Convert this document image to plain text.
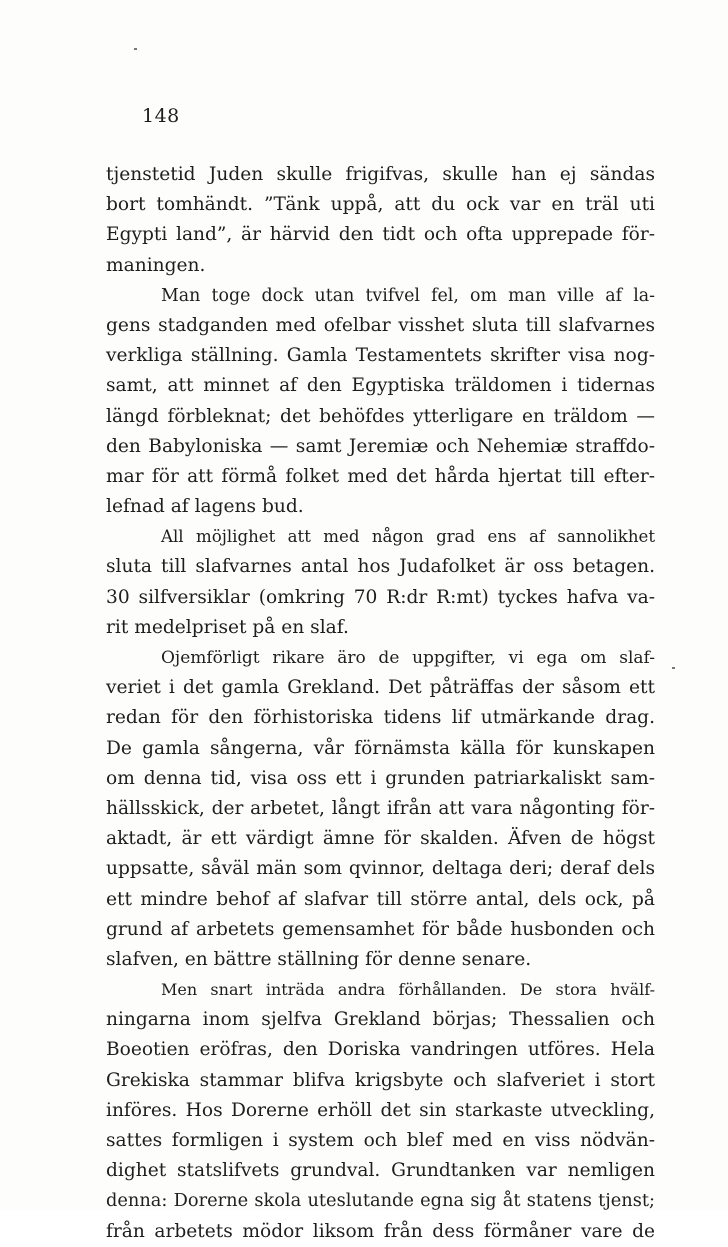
148
tjenstetid Juden skulle frigifvas, skulle han ej sändas
bort tomhändt. ”Tänk uppå, att du ock var en träl uti
Egypti land”, är härvid den tidt och ofta upprepade för-
maningen.
Man toge dock utan tvifvel fel, om man ville af la-
gens stadganden med ofelbar visshet sluta till slafvarnes
verkliga ställning. Gamla Testamentets skrifter visa nog-
samt, att minnet af den Egyptiska träldomen i tidernas
längd förbleknat; det behöfdes ytterligare en träldom —
den Babyloniska — samt Jeremiæ och Nehemiæ straffdo-
mar för att förmå folket med det hårda hjertat till efter-
lefnad af lagens bud.
All möjlighet att med någon grad ens af sannolikhet
sluta till slafvarnes antal hos Judafolket är oss betagen.
30 silfversiklar (omkring 70 R:dr R:mt) tyckes hafva va-
rit medelpriset på en slaf.
Ojemförligt rikare äro de uppgifter, vi ega om slaf-
veriet i det gamla Grekland. Det påträffas der såsom ett
redan för den förhistoriska tidens lif utmärkande drag.
De gamla sångerna, vår förnämsta källa för kunskapen
om denna tid, visa oss ett i grunden patriarkaliskt sam-
hällsskick, der arbetet, långt ifrån att vara någonting för-
aktadt, är ett värdigt ämne för skalden. Äfven de högst
uppsatte, såväl män som qvinnor, deltaga deri; deraf dels
ett mindre behof af slafvar till större antal, dels ock, på
grund af arbetets gemensamhet för både husbonden och
slafven, en bättre ställning för denne senare.
Men snart inträda andra förhållanden. De stora hvälf-
ningarna inom sjelfva Grekland börjas; Thessalien och
Boeotien eröfras, den Doriska vandringen utföres. Hela
Grekiska stammar blifva krigsbyte och slafveriet i stort
införes. Hos Dorerne erhöll det sin starkaste utveckling,
sattes formligen i system och blef med en viss nödvän-
dighet statslifvets grundval. Grundtanken var nemligen
denna: Dorerne skola uteslutande egna sig åt statens tjenst;
från arbetets mödor liksom från dess förmåner vare de
